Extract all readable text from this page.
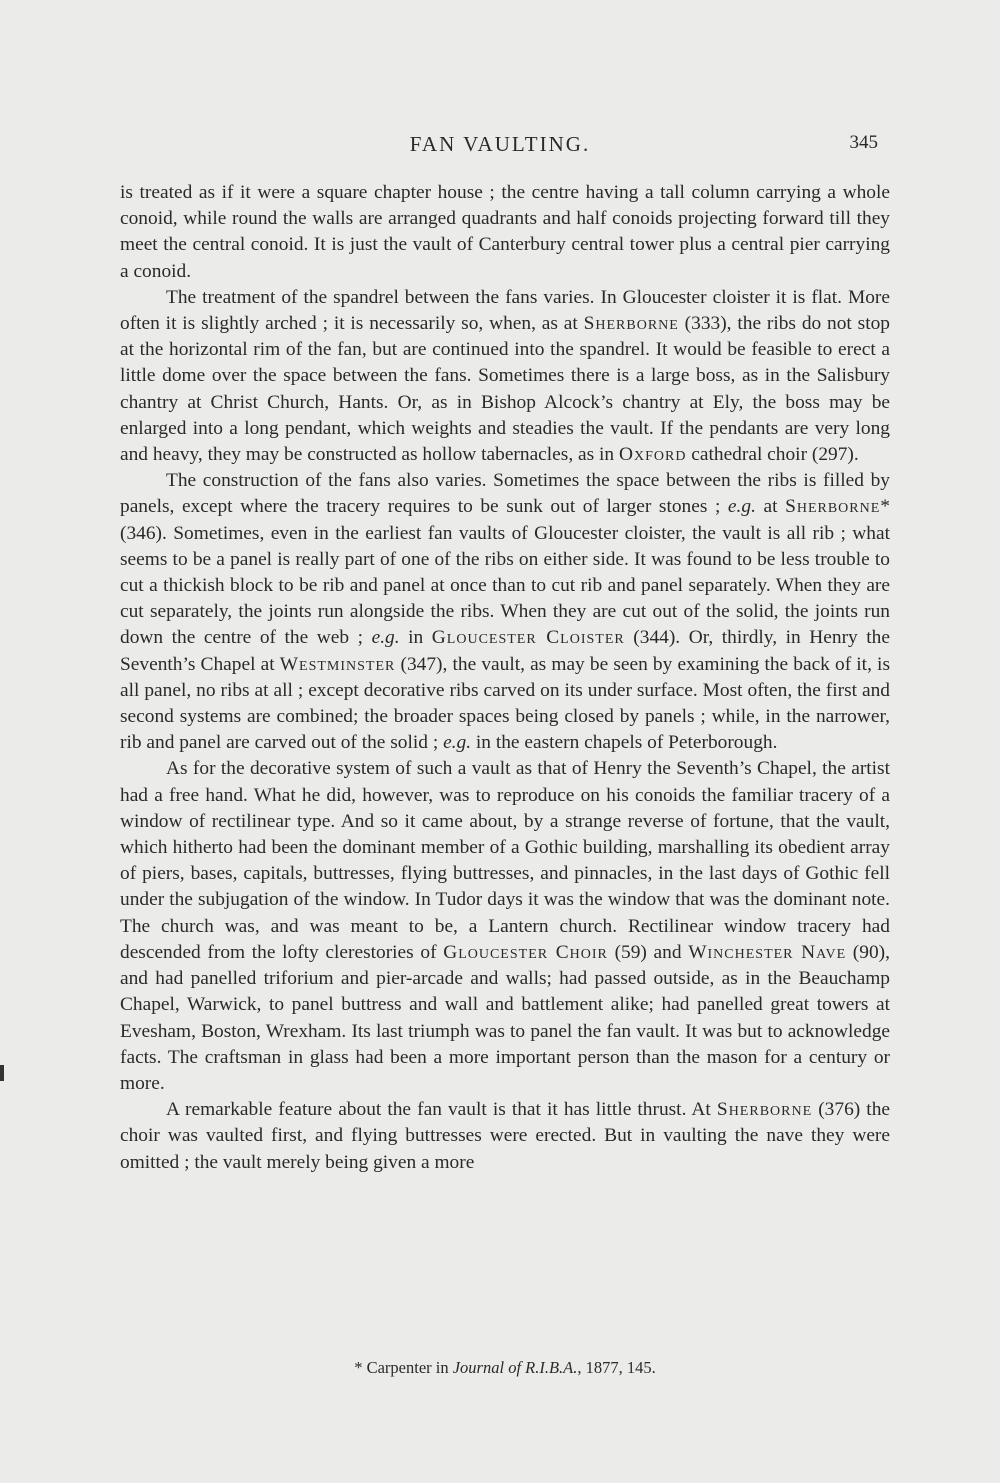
FAN VAULTING.	345

is treated as if it were a square chapter house ; the centre having a tall column carrying a whole conoid, while round the walls are arranged quadrants and half conoids projecting forward till they meet the central conoid. It is just the vault of Canterbury central tower plus a central pier carrying a conoid.

The treatment of the spandrel between the fans varies. In Gloucester cloister it is flat. More often it is slightly arched ; it is necessarily so, when, as at Sherborne (333), the ribs do not stop at the horizontal rim of the fan, but are continued into the spandrel. It would be feasible to erect a little dome over the space between the fans. Sometimes there is a large boss, as in the Salisbury chantry at Christ Church, Hants. Or, as in Bishop Alcock’s chantry at Ely, the boss may be enlarged into a long pendant, which weights and steadies the vault. If the pendants are very long and heavy, they may be constructed as hollow tabernacles, as in Oxford cathedral choir (297).

The construction of the fans also varies. Sometimes the space between the ribs is filled by panels, except where the tracery requires to be sunk out of larger stones ; e.g. at Sherborne* (346). Sometimes, even in the earliest fan vaults of Gloucester cloister, the vault is all rib ; what seems to be a panel is really part of one of the ribs on either side. It was found to be less trouble to cut a thickish block to be rib and panel at once than to cut rib and panel separately. When they are cut separately, the joints run alongside the ribs. When they are cut out of the solid, the joints run down the centre of the web ; e.g. in Gloucester Cloister (344). Or, thirdly, in Henry the Seventh’s Chapel at Westminster (347), the vault, as may be seen by examining the back of it, is all panel, no ribs at all ; except decorative ribs carved on its under surface. Most often, the first and second systems are combined; the broader spaces being closed by panels ; while, in the narrower, rib and panel are carved out of the solid ; e.g. in the eastern chapels of Peterborough.

As for the decorative system of such a vault as that of Henry the Seventh’s Chapel, the artist had a free hand. What he did, however, was to reproduce on his conoids the familiar tracery of a window of rectilinear type. And so it came about, by a strange reverse of fortune, that the vault, which hitherto had been the dominant member of a Gothic building, marshalling its obedient array of piers, bases, capitals, buttresses, flying buttresses, and pinnacles, in the last days of Gothic fell under the subjugation of the window. In Tudor days it was the window that was the dominant note. The church was, and was meant to be, a Lantern church. Rectilinear window tracery had descended from the lofty clerestories of Gloucester Choir (59) and Winchester Nave (90), and had panelled triforium and pier-arcade and walls; had passed outside, as in the Beauchamp Chapel, Warwick, to panel buttress and wall and battlement alike; had panelled great towers at Evesham, Boston, Wrexham. Its last triumph was to panel the fan vault. It was but to acknowledge facts. The craftsman in glass had been a more important person than the mason for a century or more.

A remarkable feature about the fan vault is that it has little thrust. At Sherborne (376) the choir was vaulted first, and flying buttresses were erected. But in vaulting the nave they were omitted ; the vault merely being given a more

* Carpenter in Journal of R.I.B.A., 1877, 145.
